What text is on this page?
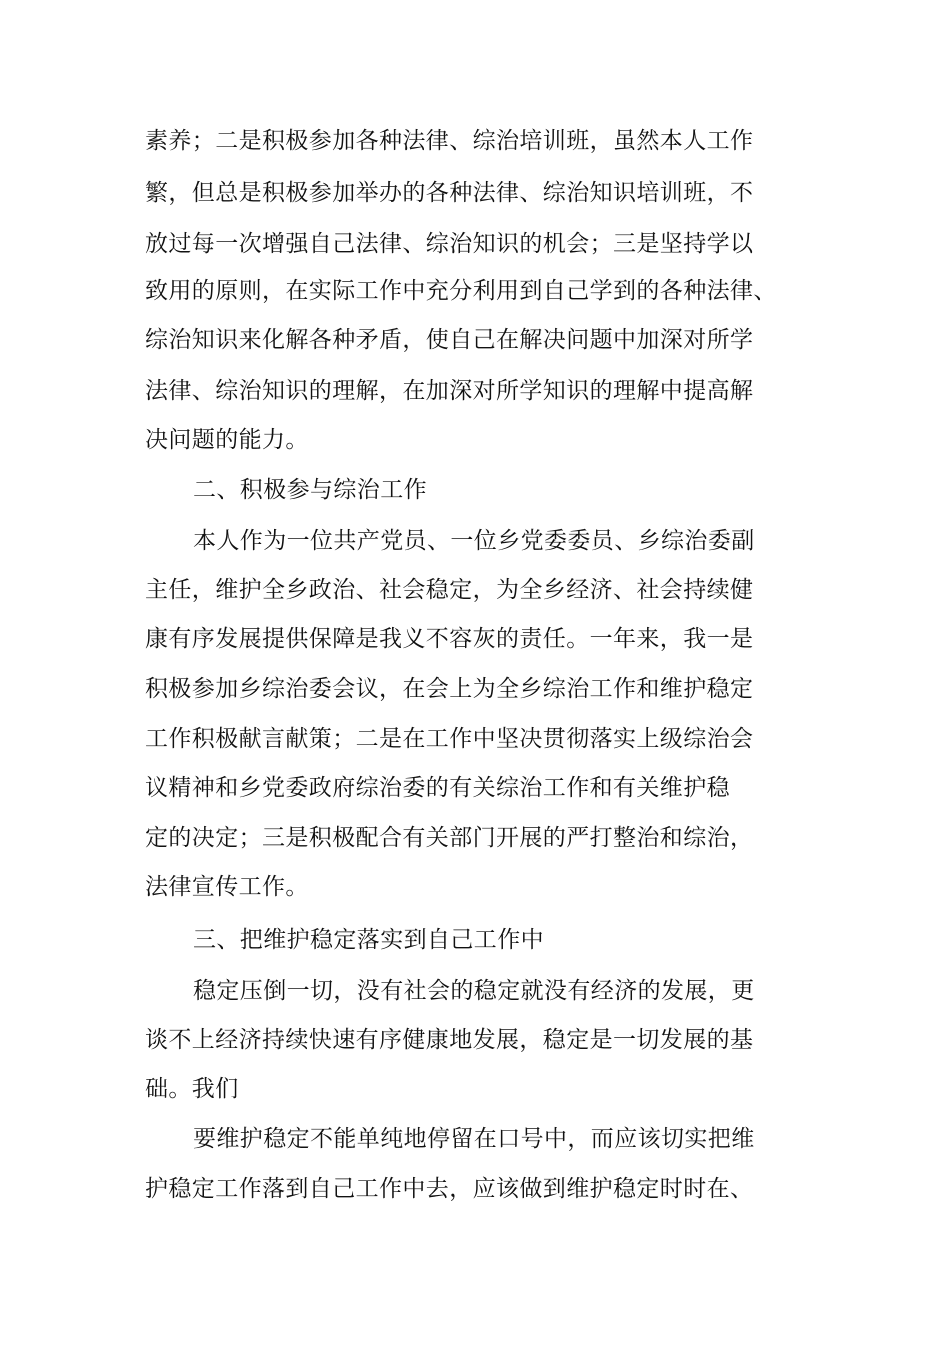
素养；二是积极参加各种法律、综治培训班，虽然本人工作
繁，但总是积极参加举办的各种法律、综治知识培训班，不
放过每一次增强自己法律、综治知识的机会；三是坚持学以
致用的原则，在实际工作中充分利用到自己学到的各种法律、
综治知识来化解各种矛盾，使自己在解决问题中加深对所学
法律、综治知识的理解，在加深对所学知识的理解中提高解
决问题的能力。
二、积极参与综治工作
本人作为一位共产党员、一位乡党委委员、乡综治委副
主任，维护全乡政治、社会稳定，为全乡经济、社会持续健
康有序发展提供保障是我义不容灰的责任。一年来，我一是
积极参加乡综治委会议，在会上为全乡综治工作和维护稳定
工作积极献言献策；二是在工作中坚决贯彻落实上级综治会
议精神和乡党委政府综治委的有关综治工作和有关维护稳
定的决定；三是积极配合有关部门开展的严打整治和综治，
法律宣传工作。
三、把维护稳定落实到自己工作中
稳定压倒一切，没有社会的稳定就没有经济的发展，更
谈不上经济持续快速有序健康地发展，稳定是一切发展的基
础。我们
要维护稳定不能单纯地停留在口号中，而应该切实把维
护稳定工作落到自己工作中去，应该做到维护稳定时时在、
